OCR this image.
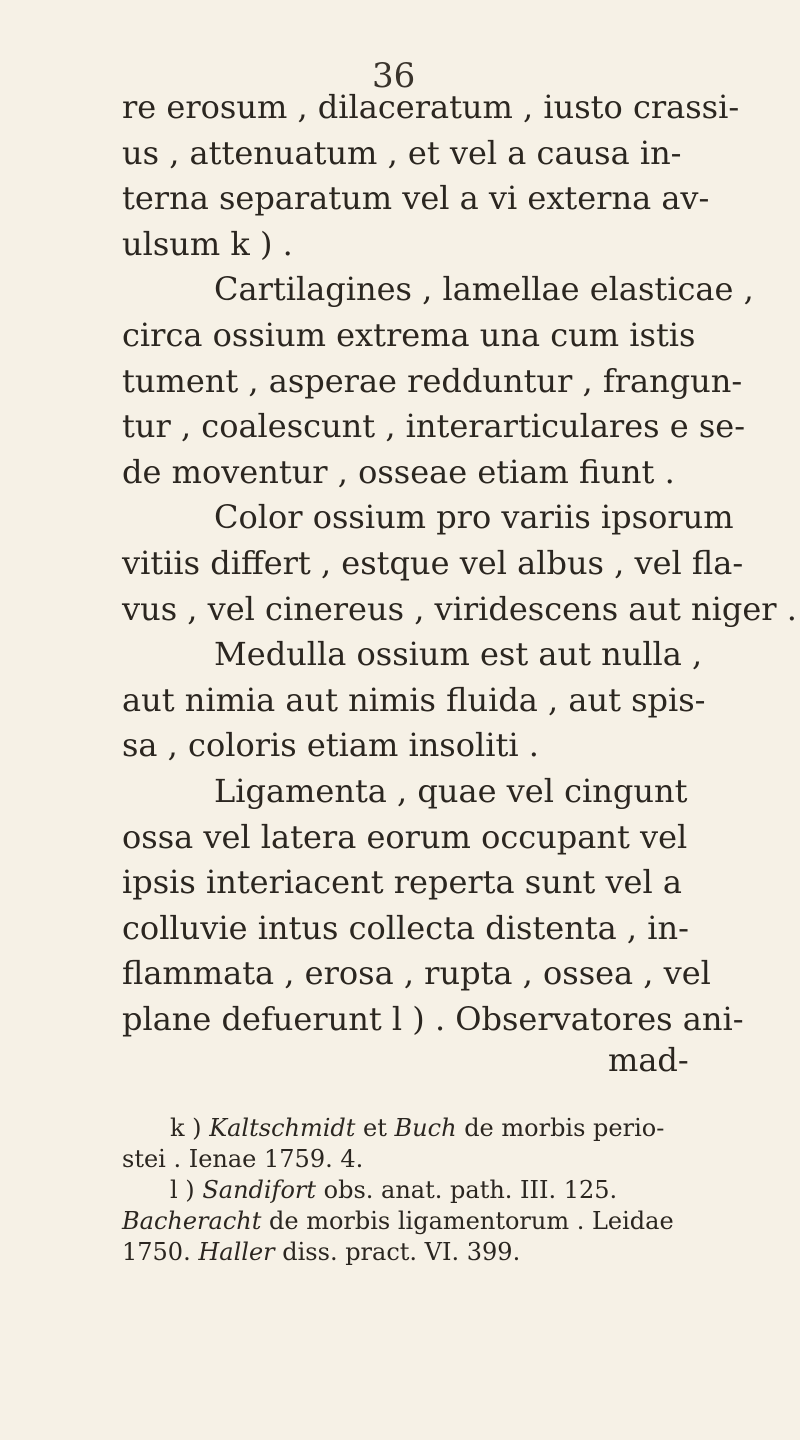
36
re erosum , dilaceratum , iusto crassi-
us , attenuatum , et vel a causa in-
terna separatum vel a vi externa av-
ulsum k ) .
Cartilagines , lamellae elasticae ,
circa ossium extrema una cum istis
tument , asperae redduntur , frangun-
tur , coalescunt , interarticulares e se-
de moventur , osseae etiam fiunt .
Color ossium pro variis ipsorum
vitiis differt , estque vel albus , vel fla-
vus , vel cinereus , viridescens aut niger .
Medulla ossium est aut nulla ,
aut nimia aut nimis fluida , aut spis-
sa , coloris etiam insoliti .
Ligamenta , quae vel cingunt
ossa vel latera eorum occupant vel
ipsis interiacent reperta sunt vel a
colluvie intus collecta distenta , in-
flammata , erosa , rupta , ossea , vel
plane defuerunt l ) . Observatores ani-
mad-
k ) Kaltschmidt et Buch de morbis perio-
stei . Ienae 1759. 4.
l ) Sandifort obs. anat. path. III. 125.
Bacheracht de morbis ligamentorum . Leidae
1750. Haller diss. pract. VI. 399.
